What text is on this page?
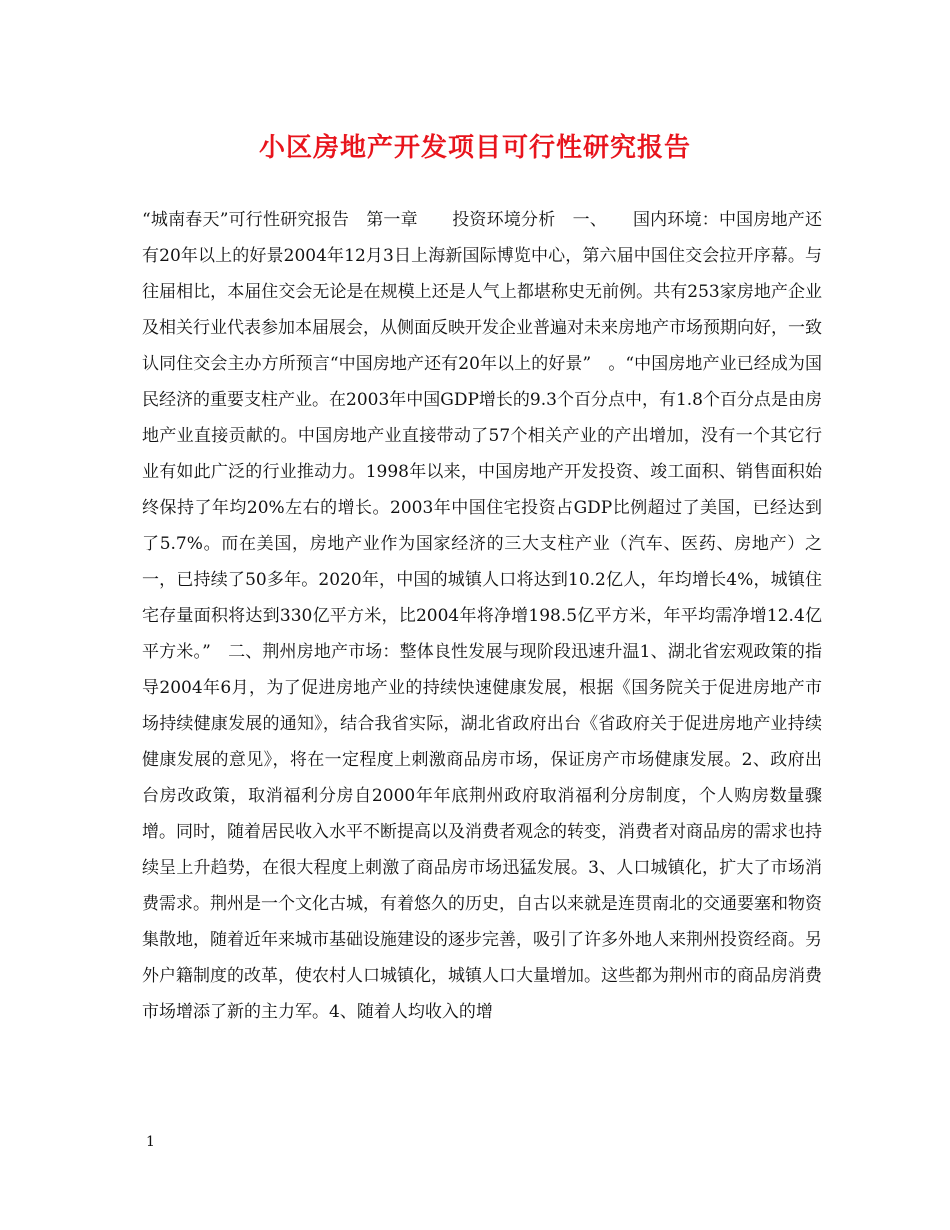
小区房地产开发项目可行性研究报告

“城南春天”可行性研究报告　第一章　　投资环境分析　一、　　国内环境：中国房地产还有20年以上的好景2004年12月3日上海新国际博览中心，第六届中国住交会拉开序幕。与往届相比，本届住交会无论是在规模上还是人气上都堪称史无前例。共有253家房地产企业及相关行业代表参加本届展会，从侧面反映开发企业普遍对未来房地产市场预期向好，一致认同住交会主办方所预言“中国房地产还有20年以上的好景”　。“中国房地产业已经成为国民经济的重要支柱产业。在2003年中国GDP增长的9.3个百分点中，有1.8个百分点是由房地产业直接贡献的。中国房地产业直接带动了57个相关产业的产出增加，没有一个其它行业有如此广泛的行业推动力。1998年以来，中国房地产开发投资、竣工面积、销售面积始终保持了年均20%左右的增长。2003年中国住宅投资占GDP比例超过了美国，已经达到了5.7%。而在美国，房地产业作为国家经济的三大支柱产业（汽车、医药、房地产）之一，已持续了50多年。2020年，中国的城镇人口将达到10.2亿人，年均增长4%，城镇住宅存量面积将达到330亿平方米，比2004年将净增198.5亿平方米，年平均需净增12.4亿平方米。”　二、荆州房地产市场：整体良性发展与现阶段迅速升温1、湖北省宏观政策的指导2004年6月，为了促进房地产业的持续快速健康发展，根据《国务院关于促进房地产市场持续健康发展的通知》，结合我省实际，湖北省政府出台《省政府关于促进房地产业持续健康发展的意见》，将在一定程度上刺激商品房市场，保证房产市场健康发展。2、政府出台房改政策，取消福利分房自2000年年底荆州政府取消福利分房制度，个人购房数量骤增。同时，随着居民收入水平不断提高以及消费者观念的转变，消费者对商品房的需求也持续呈上升趋势，在很大程度上刺激了商品房市场迅猛发展。3、人口城镇化，扩大了市场消费需求。荆州是一个文化古城，有着悠久的历史，自古以来就是连贯南北的交通要塞和物资集散地，随着近年来城市基础设施建设的逐步完善，吸引了许多外地人来荆州投资经商。另外户籍制度的改革，使农村人口城镇化，城镇人口大量增加。这些都为荆州市的商品房消费市场增添了新的主力军。4、随着人均收入的增

1
